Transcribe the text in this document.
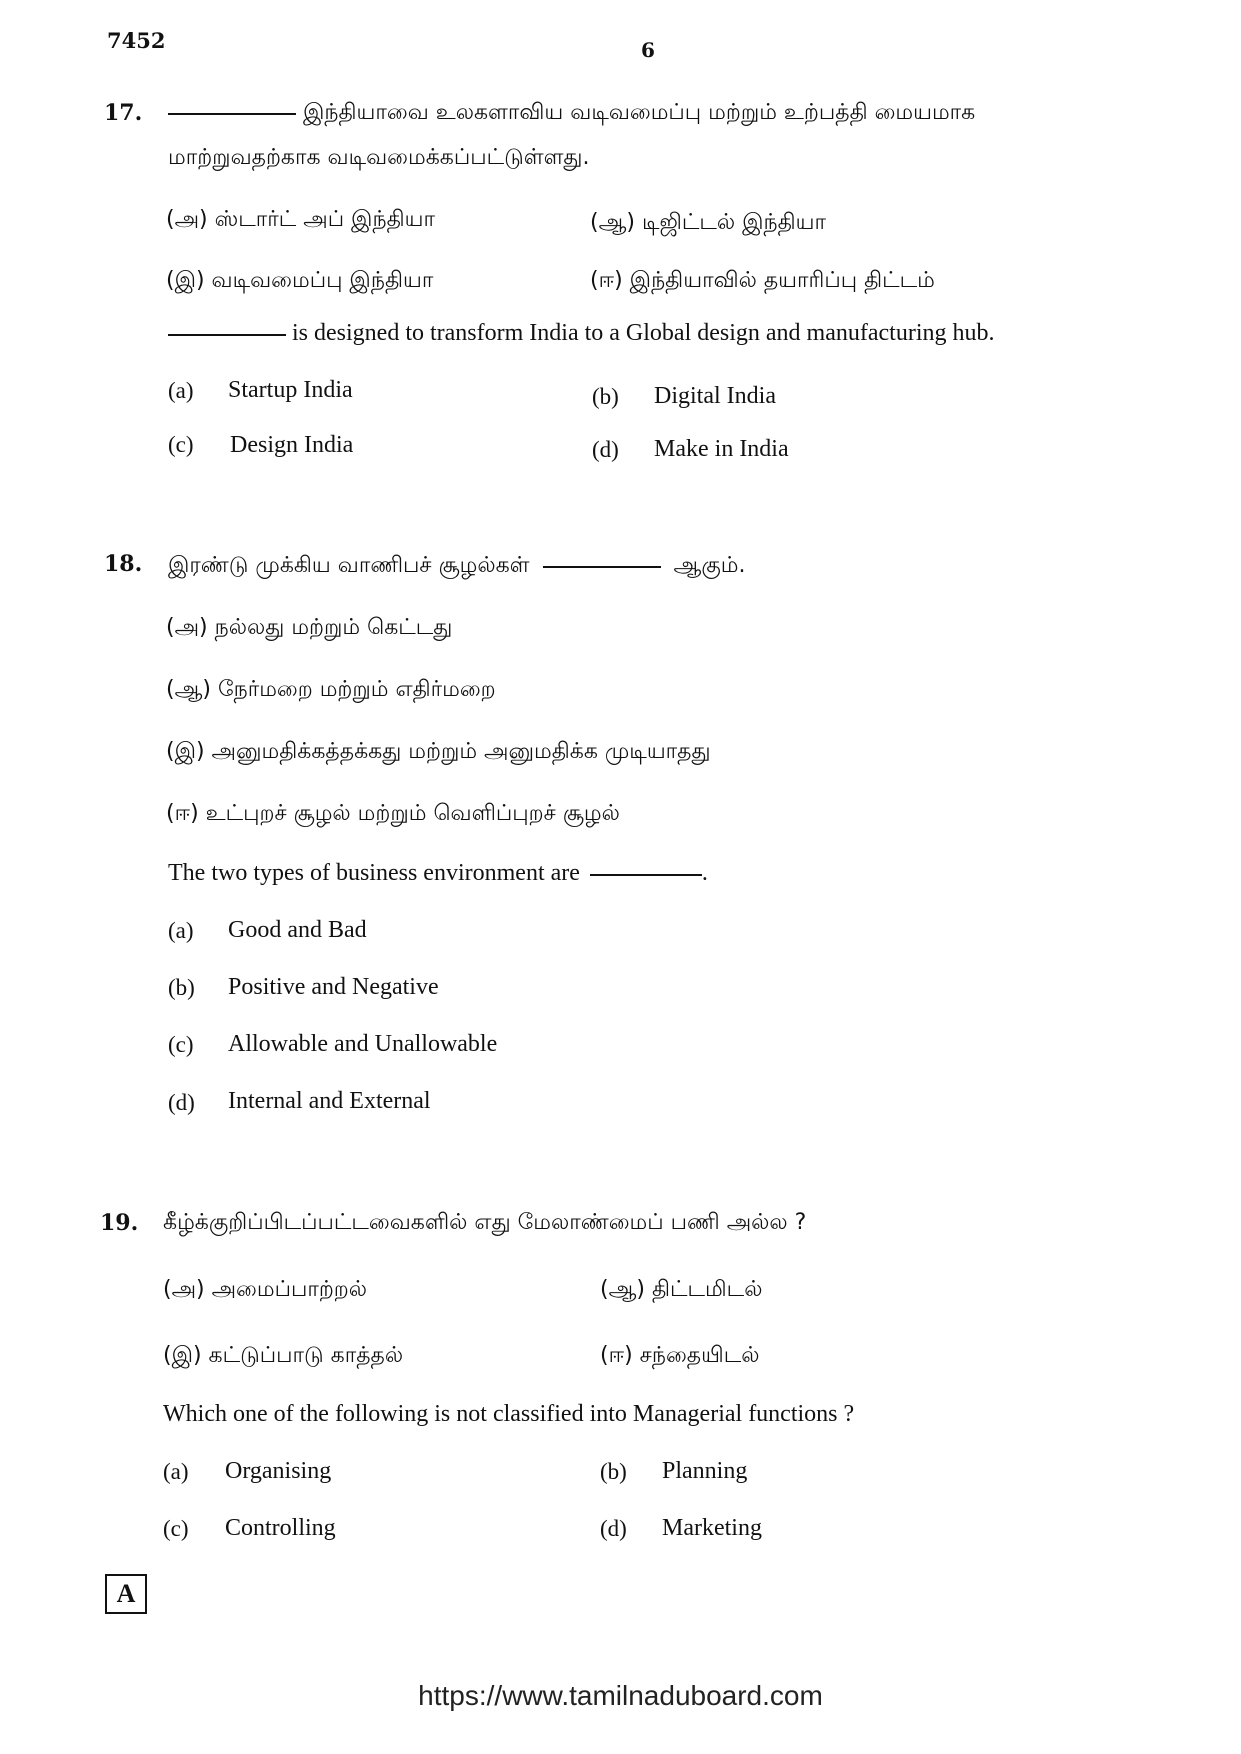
7452	6
17.	இந்தியாவை உலகளாவிய வடிவமைப்பு மற்றும் உற்பத்தி மையமாக
மாற்றுவதற்காக வடிவமைக்கப்பட்டுள்ளது.
(அ) ஸ்டார்ட் அப் இந்தியா	(ஆ) டிஜிட்டல் இந்தியா
(இ) வடிவமைப்பு இந்தியா	(ஈ) இந்தியாவில் தயாரிப்பு திட்டம்
is designed to transform India to a Global design and manufacturing hub.
(a) Startup India	(b) Digital India
(c) Design India	(d) Make in India
18. இரண்டு முக்கிய வாணிபச் சூழல்கள்	ஆகும்.
(அ) நல்லது மற்றும் கெட்டது
(ஆ) நேர்மறை மற்றும் எதிர்மறை
(இ) அனுமதிக்கத்தக்கது மற்றும் அனுமதிக்க முடியாதது
(ஈ) உட்புறச் சூழல் மற்றும் வெளிப்புறச் சூழல்
The two types of business environment are	.
(a) Good and Bad
(b) Positive and Negative
(c) Allowable and Unallowable
(d) Internal and External
19. கீழ்க்குறிப்பிடப்பட்டவைகளில் எது மேலாண்மைப் பணி அல்ல ?
(அ) அமைப்பாற்றல்	(ஆ) திட்டமிடல்
(இ) கட்டுப்பாடு காத்தல்	(ஈ) சந்தையிடல்
Which one of the following is not classified into Managerial functions ?
(a) Organising	(b) Planning
(c) Controlling	(d) Marketing
A
https://www.tamilnaduboard.com
